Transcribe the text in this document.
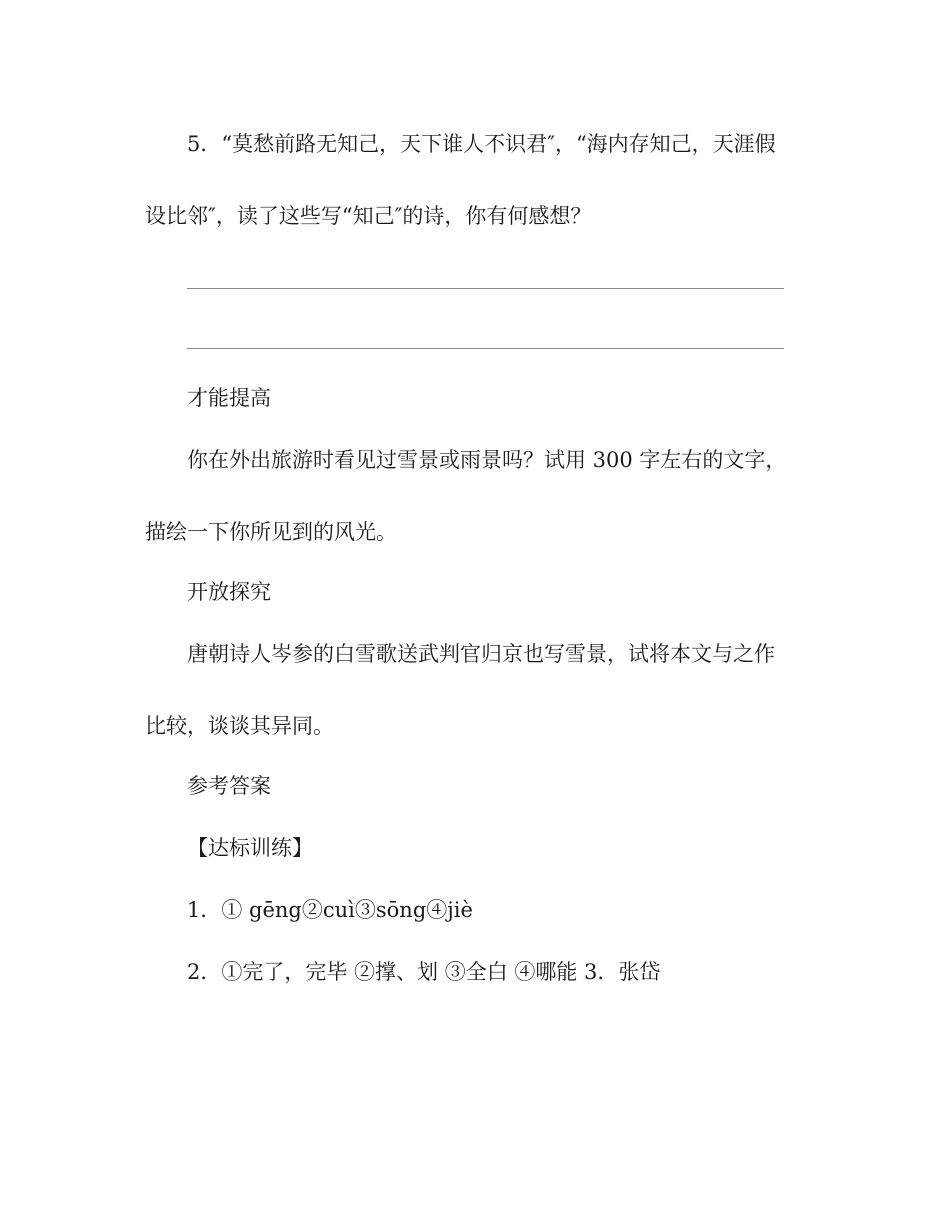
5．“莫愁前路无知己，天下谁人不识君″，“海内存知己，天涯假
设比邻″，读了这些写“知己″的诗，你有何感想？
才能提高
你在外出旅游时看见过雪景或雨景吗？试用 300 字左右的文字，
描绘一下你所见到的风光。
开放探究
唐朝诗人岑参的白雪歌送武判官归京也写雪景，试将本文与之作
比较，谈谈其异同。
参考答案
【达标训练】
1．① gēng②cuì③sōng④jiè
2．①完了，完毕 ②撑、划 ③全白 ④哪能 3．张岱
